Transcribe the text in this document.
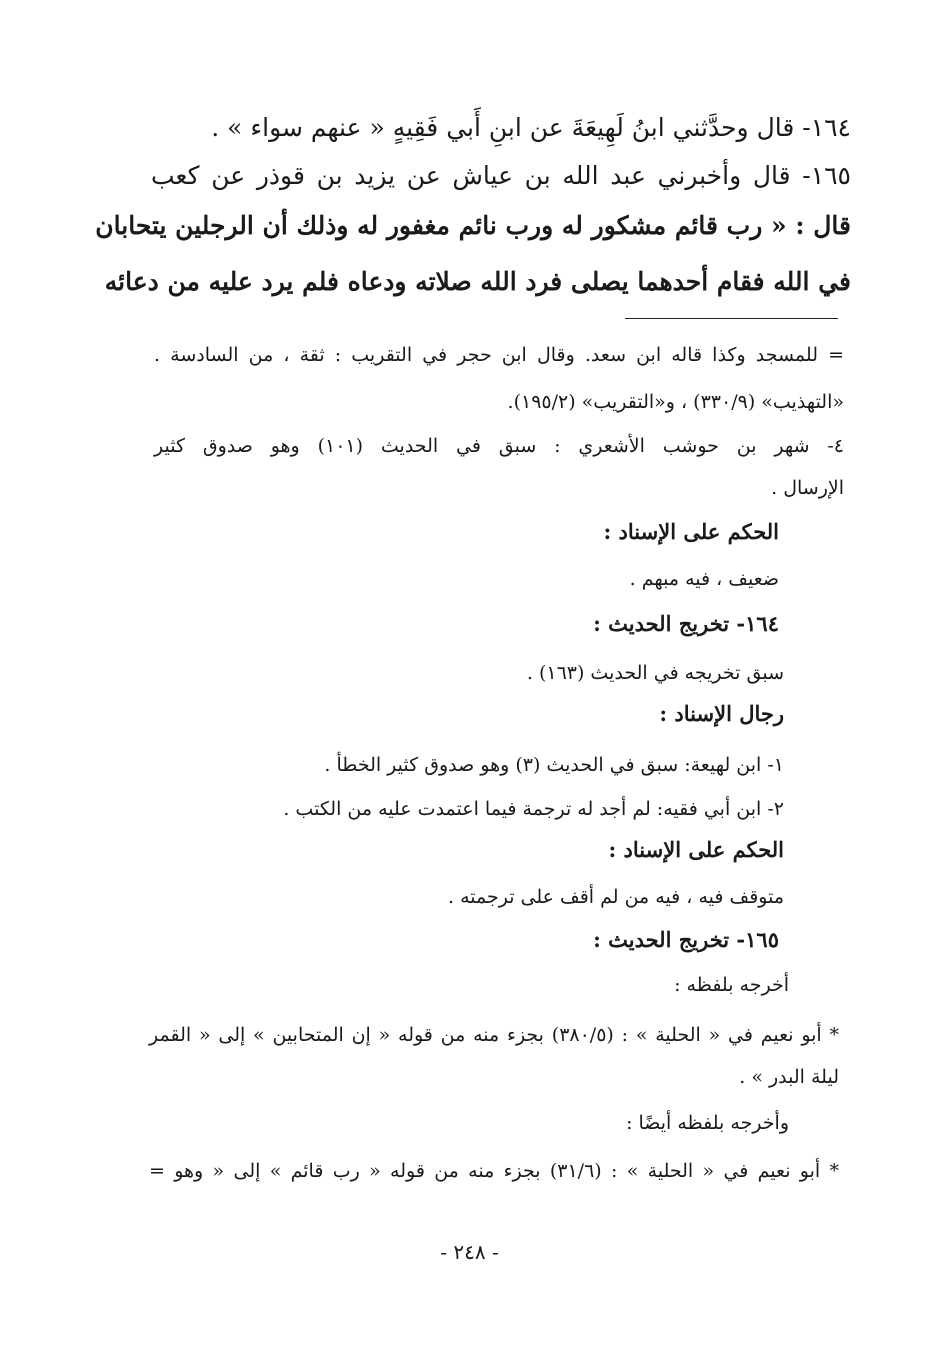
١٦٤- قال وحدَّثني ابنُ لَهِيعَةَ عن ابنِ أَبي فَقِيهٍ « عنهم سواء » .
١٦٥- قال وأخبرني عبد الله بن عياش عن يزيد بن قوذر عن كعب
قال : « رب قائم مشكور له ورب نائم مغفور له وذلك أن الرجلين يتحابان
في الله فقام أحدهما يصلى فرد الله صلاته ودعاه فلم يرد عليه من دعائه
= للمسجد وكذا قاله ابن سعد. وقال ابن حجر في التقريب : ثقة ، من السادسة .
«التهذيب» (٣٣٠/٩) ، و«التقريب» (١٩٥/٢).
٤- شهر بن حوشب الأشعري : سبق في الحديث (١٠١) وهو صدوق كثير
الإرسال .
الحكم على الإسناد :
ضعيف ، فيه مبهم .
١٦٤- تخريج الحديث :
سبق تخريجه في الحديث (١٦٣) .
رجال الإسناد :
١- ابن لهيعة: سبق في الحديث (٣) وهو صدوق كثير الخطأ .
٢- ابن أبي فقيه: لم أجد له ترجمة فيما اعتمدت عليه من الكتب .
الحكم على الإسناد :
متوقف فيه ، فيه من لم أقف على ترجمته .
١٦٥- تخريج الحديث :
أخرجه بلفظه :
* أبو نعيم في « الحلية » : (٣٨٠/٥) بجزء منه من قوله « إن المتحابين » إلى « القمر
ليلة البدر » .
وأخرجه بلفظه أيضًا :
* أبو نعيم في « الحلية » : (٣١/٦) بجزء منه من قوله « رب قائم » إلى « وهو =
- ٢٤٨ -
